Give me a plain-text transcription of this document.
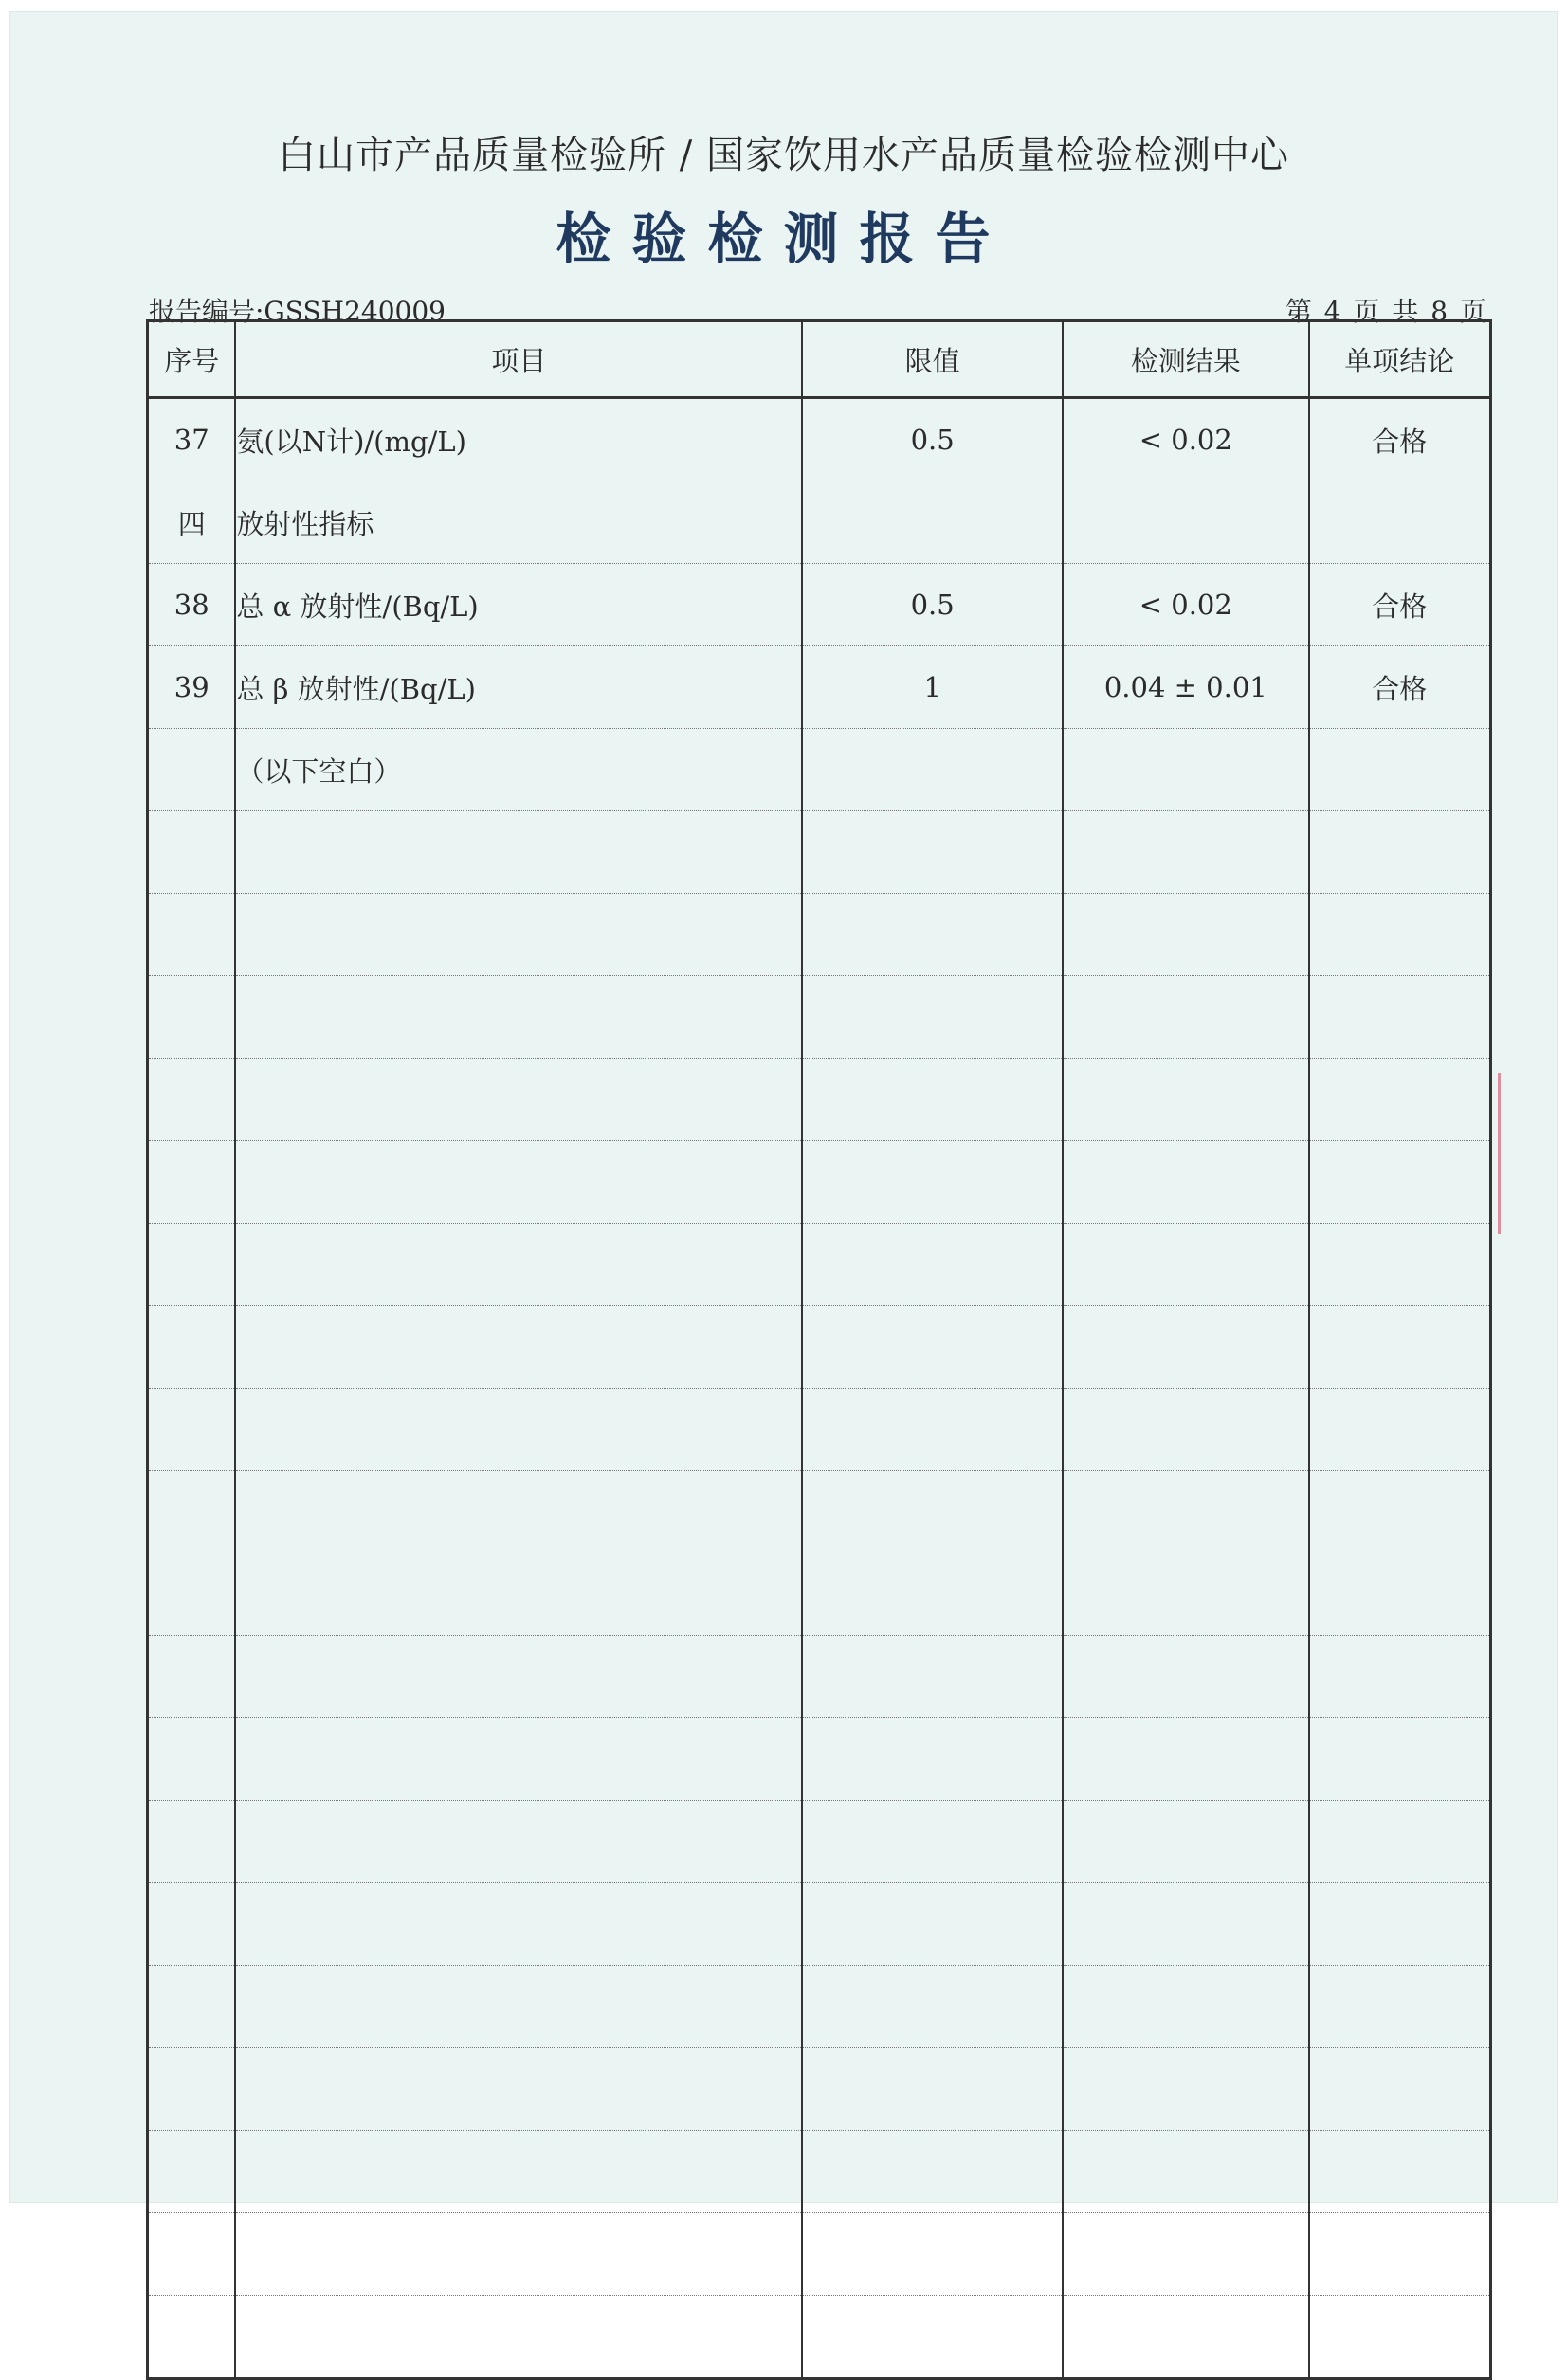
白山市产品质量检验所 / 国家饮用水产品质量检验检测中心
检验检测报告
报告编号:GSSH240009	第 4 页 共 8 页
序号	项目	限值	检测结果	单项结论
37	氨(以N计)/(mg/L)	0.5	< 0.02	合格
四	放射性指标			
38	总 α 放射性/(Bq/L)	0.5	< 0.02	合格
39	总 β 放射性/(Bq/L)	1	0.04 ± 0.01	合格
	（以下空白）			
